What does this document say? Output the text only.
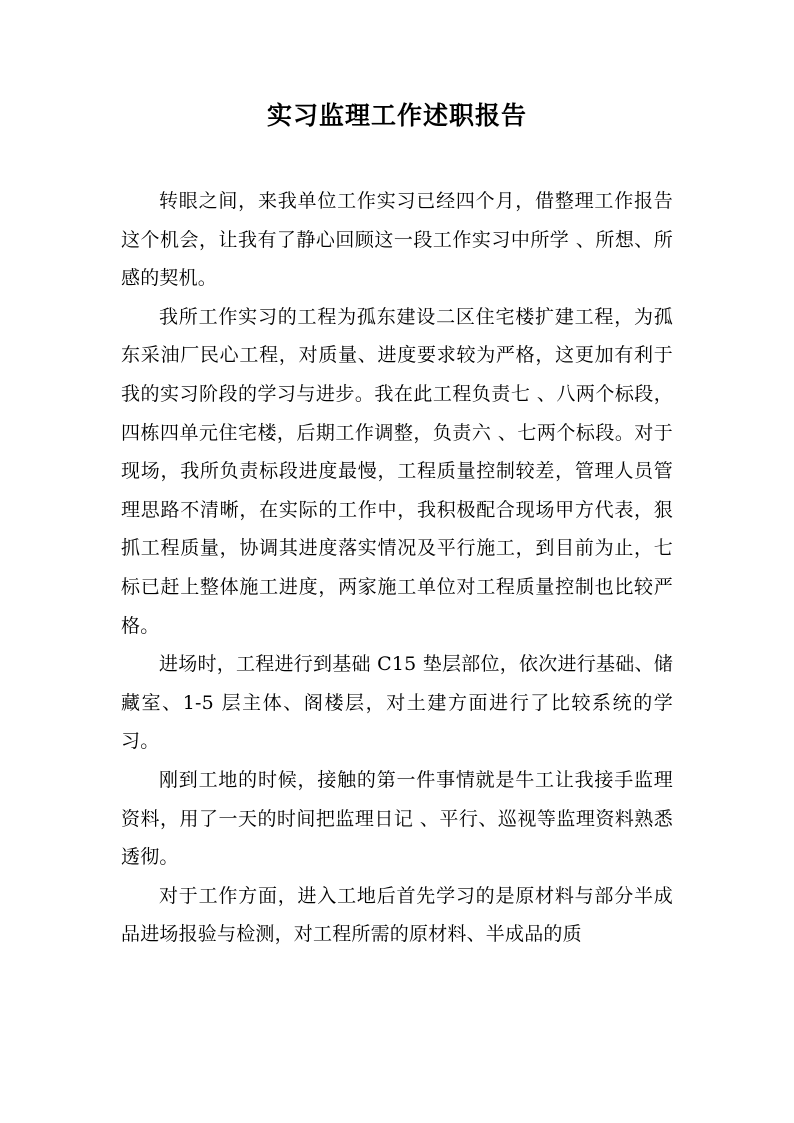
实习监理工作述职报告

转眼之间，来我单位工作实习已经四个月，借整理工作报告这个机会，让我有了静心回顾这一段工作实习中所学 、所想、所感的契机。

我所工作实习的工程为孤东建设二区住宅楼扩建工程，为孤东采油厂民心工程，对质量、进度要求较为严格，这更加有利于我的实习阶段的学习与进步。我在此工程负责七 、八两个标段，四栋四单元住宅楼，后期工作调整，负责六 、七两个标段。对于现场，我所负责标段进度最慢，工程质量控制较差，管理人员管理思路不清晰，在实际的工作中，我积极配合现场甲方代表，狠抓工程质量，协调其进度落实情况及平行施工，到目前为止，七标已赶上整体施工进度，两家施工单位对工程质量控制也比较严格。

进场时，工程进行到基础 C15 垫层部位，依次进行基础、储藏室、1-5 层主体、阁楼层，对土建方面进行了比较系统的学习。

刚到工地的时候，接触的第一件事情就是牛工让我接手监理资料，用了一天的时间把监理日记 、平行、巡视等监理资料熟悉透彻。

对于工作方面，进入工地后首先学习的是原材料与部分半成品进场报验与检测，对工程所需的原材料、半成品的质
